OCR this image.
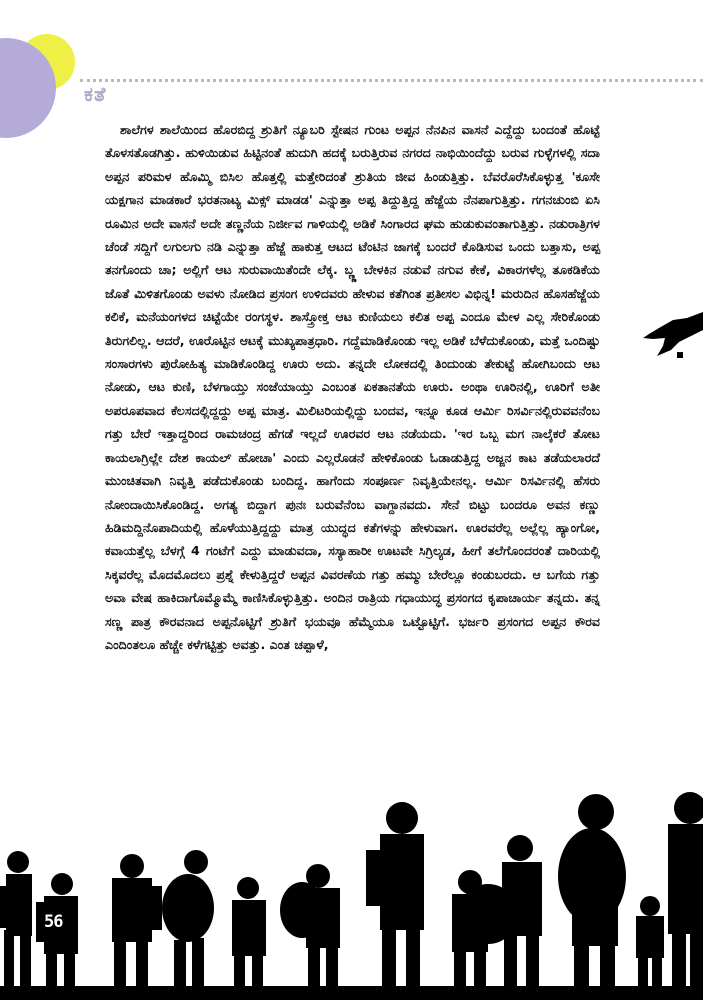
ಕತೆ

ಶಾಲೆಗಳ ಶಾಲೆಯಿಂದ ಹೊರಬಿದ್ದ ಶ್ರುತಿಗೆ ನ್ಯೂಬರಿ ಸ್ಟೇಷನ ಗುಂಟ ಅಪ್ಪನ ನೆನಪಿನ ವಾಸನೆ ಎದ್ದೆದ್ದು ಬಂದಂತೆ ಹೊಟ್ಟೆ ತೊಳಸತೊಡಗಿತ್ತು. ಹುಳಿಯಿಡುವ ಹಿಟ್ಟಿನಂತೆ ಹುದುಗಿ ಹದಕ್ಕೆ ಬರುತ್ತಿರುವ ನಗರದ ನಾಭಿಯಿಂದೆದ್ದು ಬರುವ ಗುಳ್ಳೆಗಳಲ್ಲಿ ಸದಾ ಅಪ್ಪನ ಪರಿಮಳ ಹೊಮ್ಮಿ ಬಿಸಿಲ ಹೊತ್ತಲ್ಲಿ ಮತ್ತೇರಿದಂತೆ ಶ್ರುತಿಯ ಜೀವ ಹಿಂಡುತ್ತಿತ್ತು. ಬೆವರೊರೆಸಿಕೊಳ್ಳುತ್ತ 'ಕೂಸೇ ಯಕ್ಷಗಾನ ಮಾಡಕಾರೆ ಭರತನಾಟ್ಯ ಮಿಕ್ಸ್ ಮಾಡಡ' ಎನ್ನುತ್ತಾ ಅಪ್ಪ ತಿದ್ದುತ್ತಿದ್ದ ಹೆಜ್ಜೆಯ ನೆನಪಾಗುತ್ತಿತ್ತು. ಗಗನಚುಂಬಿ ಏಸಿ ರೂಮಿನ ಅದೇ ವಾಸನೆ ಅದೇ ತಣ್ಣನೆಯ ನಿರ್ಜೀವ ಗಾಳಿಯಲ್ಲಿ ಅಡಿಕೆ ಸಿಂಗಾರದ ಘಮ ಹುಡುಕುವಂತಾಗುತ್ತಿತ್ತು. ನಡುರಾತ್ರಿಗಳ ಚೆಂಡೆ ಸದ್ದಿಗೆ ಲಗುಲಗು ನಡಿ ಎನ್ನುತ್ತಾ ಹೆಜ್ಜೆ ಹಾಕುತ್ತ ಆಟದ ಟೆಂಟಿನ ಜಾಗಕ್ಕೆ ಬಂದರೆ ಕೊಡಿಸುವ ಒಂದು ಬತ್ತಾಸು, ಅಪ್ಪ ತನಗೊಂದು ಚಾ; ಅಲ್ಲಿಗೆ ಆಟ ಸುರುವಾಯಿತೆಂದೇ ಲೆಕ್ಕ. ಬ್ಣ್ಣ ಬೇಳಕಿನ ನಡುವೆ ನಗುವ ಕೇಕೆ, ವಿಕಾರಗಳೆಲ್ಲ ತೂಕಡಿಕೆಯ ಜೊತೆ ಮಿಳಿತಗೊಂಡು ಅವಳು ನೋಡಿದ ಪ್ರಸಂಗ ಉಳಿದವರು ಹೇಳುವ ಕತೆಗಿಂತ ಪ್ರತೀಸಲ ವಿಭಿನ್ನ! ಮರುದಿನ ಹೊಸಹೆಜ್ಜೆಯ ಕಲಿಕೆ, ಮನೆಯಂಗಳದ ಚಿಟ್ಟೆಯೇ ರಂಗಸ್ಥಳ. ಶಾಸ್ತ್ರೋಕ್ತ ಆಟ ಕುಣಿಯಲು ಕಲಿತ ಅಪ್ಪ ಎಂದೂ ಮೇಳ ಎಲ್ಲ ಸೇರಿಕೊಂಡು ತಿರುಗಲಿಲ್ಲ. ಆದರೆ, ಊರೊಟ್ಟಿನ ಆಟಕ್ಕೆ ಮುಖ್ಯಪಾತ್ರಧಾರಿ. ಗದ್ದೆಮಾಡಿಕೊಂಡು ಇಲ್ಲ ಅಡಿಕೆ ಬೆಳೆದುಕೊಂಡು, ಮತ್ತೆ ಒಂದಿಷ್ಟು ಸಂಸಾರಗಳು ಪುರೋಹಿತ್ಯ ಮಾಡಿಕೊಂಡಿದ್ದ ಊರು ಅದು. ತನ್ನದೇ ಲೋಕದಲ್ಲಿ ತಿಂದುಂಡು ತೇಕುಟ್ಟೆ ಹೋಗಿಬಂದು ಆಟ ನೋಡು, ಆಟ ಕುಣಿ, ಬೆಳಗಾಯ್ತು ಸಂಜೆಯಾಯ್ತು ಎಂಬಂತ ಏಕತಾನತೆಯ ಊರು. ಅಂಥಾ ಊರಿನಲ್ಲಿ, ಊರಿಗೆ ಅತೀ ಅಪರೂಪವಾದ ಕೆಲಸದಲ್ಲಿದ್ದದ್ದು ಅಪ್ಪ ಮಾತ್ರ. ಮಿಲಿಟರಿಯಲ್ಲಿದ್ದು ಬಂದವ, ಇನ್ನೂ ಕೂಡ ಆರ್ಮಿ ರಿಸರ್ವಿನಲ್ಲಿರುವವನೆಂಬ ಗತ್ತು ಬೇರೆ ಇತ್ತಾದ್ದರಿಂದ ರಾಮಚಂದ್ರ ಹೆಗಡೆ ಇಲ್ಲದೆ ಊರವರ ಆಟ ನಡೆಯದು. 'ಇರ ಒಬ್ಬ ಮಗ ನಾಲ್ಕೆಕರೆ ತೋಟ ಕಾಯಲಾಗ್ರಿಲ್ಲೇ ದೇಶ ಕಾಯಲ್ ಹೋಚಾ' ಎಂದು ಎಲ್ಲರೊಡನೆ ಹೇಳಿಕೊಂಡು ಓಡಾಡುತ್ತಿದ್ದ ಅಜ್ಜನ ಕಾಟ ತಡೆಯಲಾರದೆ ಮುಂಚಿತವಾಗಿ ನಿವೃತ್ತಿ ಪಡೆದುಕೊಂಡು ಬಂದಿದ್ದ. ಹಾಗೆಂದು ಸಂಪೂರ್ಣ ನಿವೃತ್ತಿಯೇನಲ್ಲ. ಆರ್ಮಿ ರಿಸರ್ವಿನಲ್ಲಿ ಹೆಸರು ನೋಂದಾಯಿಸಿಕೊಂಡಿದ್ದ. ಅಗತ್ಯ ಬಿದ್ದಾಗ ಪುನಃ ಬರುವೆನೆಂಬ ವಾಗ್ದಾನವದು. ಸೇನೆ ಬಿಟ್ಟು ಬಂದರೂ ಅವನ ಕಣ್ಣು ಹಿಡಿಮದ್ದಿನೊಪಾದಿಯಲ್ಲಿ ಹೊಳೆಯುತ್ತಿದ್ದದ್ದು ಮಾತ್ರ ಯುದ್ಧದ ಕತೆಗಳನ್ನು ಹೇಳುವಾಗ. ಊರವರೆಲ್ಲ ಅಲ್ಲೆಲ್ಲ ಹ್ಯಾಂಗೋ, ಕವಾಯತ್ತೆಲ್ಲ ಬೆಳಗ್ಗೆ 4 ಗಂಟೆಗೆ ಎದ್ದು ಮಾಡುವದಾ, ಸಸ್ಯಾಹಾರೀ ಊಟವೇ ಸಿಗ್ರಿಲ್ಯಡ, ಹೀಗೆ ತಲೆಗೊಂದರಂತೆ ದಾರಿಯಲ್ಲಿ ಸಿಕ್ಕವರೆಲ್ಲ ಮೊದಮೊದಲು ಪ್ರಶ್ನೆ ಕೇಳುತ್ತಿದ್ದರೆ ಅಪ್ಪನ ವಿವರಣೆಯ ಗತ್ತು ಹಮ್ಮು ಬೇರೆಲ್ಲೂ ಕಂಡುಬರದು. ಆ ಬಗೆಯ ಗತ್ತು ಅವಾ ವೇಷ ಹಾಕಿದಾಗೊಮ್ಮೊಮ್ಮೆ ಕಾಣಿಸಿಕೊಳ್ಳುತ್ತಿತ್ತು. ಅಂದಿನ ರಾತ್ರಿಯ ಗಧಾಯುದ್ಧ ಪ್ರಸಂಗದ ಕೃಪಾಚಾರ್ಯ ತನ್ನದು. ತನ್ನ ಸಣ್ಣ ಪಾತ್ರ ಕೌರವನಾದ ಅಪ್ಪನೊಟ್ಟಿಗೆ ಶ್ರುತಿಗೆ ಭಯವೂ ಹೆಮ್ಮೆಯೂ ಒಟ್ಟೊಟ್ಟಿಗೆ. ಭರ್ಜರಿ ಪ್ರಸಂಗದ ಅಪ್ಪನ ಕೌರವ ಎಂದಿಂತಲೂ ಹೆಚ್ಚೇ ಕಳೆಗಟ್ಟಿತ್ತು ಅವತ್ತು. ಎಂತ ಚಪ್ಪಾಳೆ,

56
